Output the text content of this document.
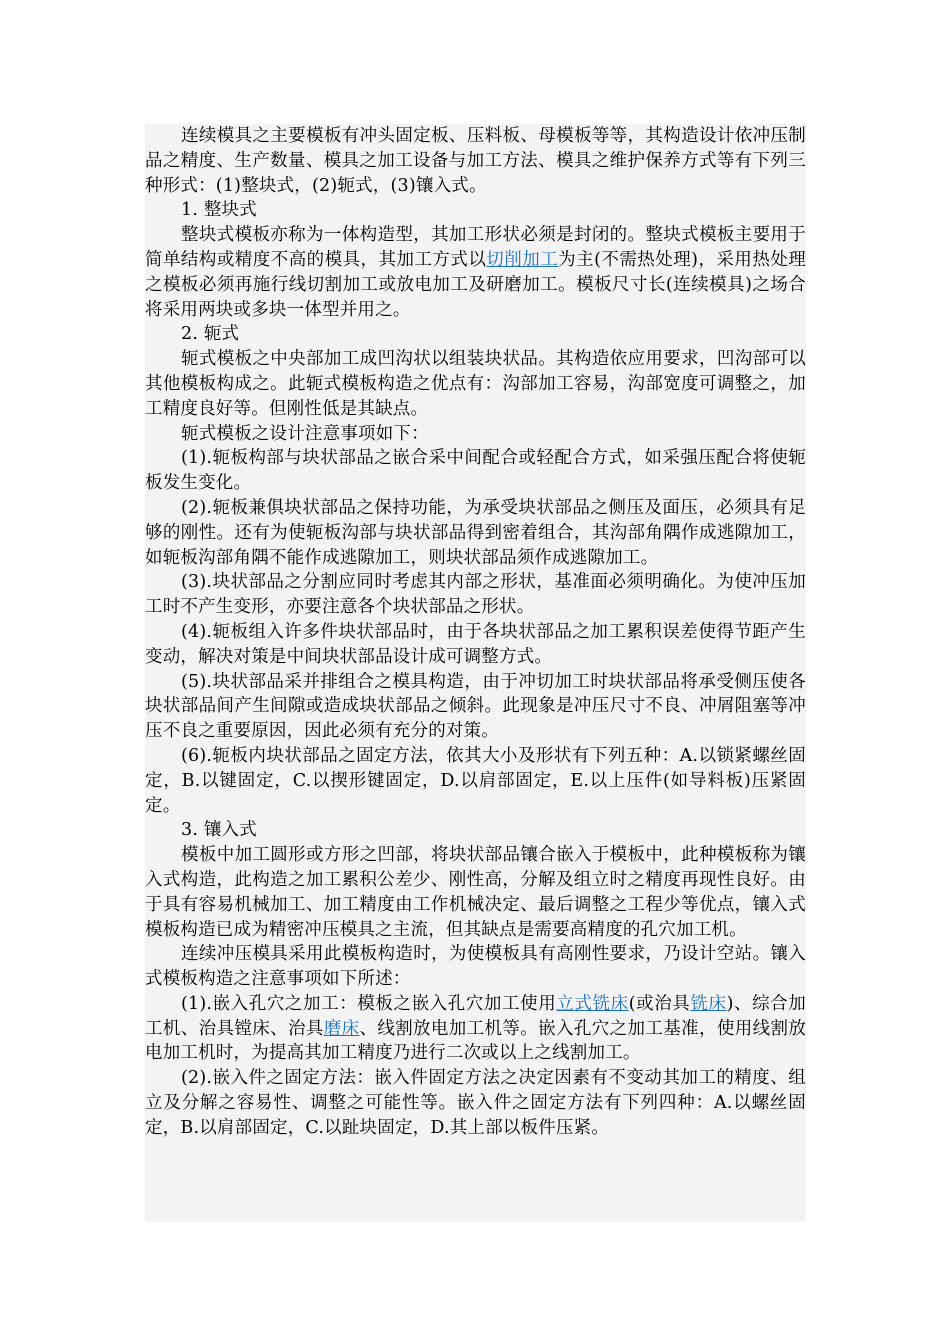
连续模具之主要模板有冲头固定板、压料板、母模板等等，其构造设计依冲压制品之精度、生产数量、模具之加工设备与加工方法、模具之维护保养方式等有下列三种形式：(1)整块式，(2)轭式，(3)镶入式。

1. 整块式

整块式模板亦称为一体构造型，其加工形状必须是封闭的。整块式模板主要用于简单结构或精度不高的模具，其加工方式以切削加工为主(不需热处理)，采用热处理之模板必须再施行线切割加工或放电加工及研磨加工。模板尺寸长(连续模具)之场合将采用两块或多块一体型并用之。

2. 轭式

轭式模板之中央部加工成凹沟状以组装块状品。其构造依应用要求，凹沟部可以其他模板构成之。此轭式模板构造之优点有：沟部加工容易，沟部宽度可调整之，加工精度良好等。但刚性低是其缺点。

轭式模板之设计注意事项如下：

(1).轭板构部与块状部品之嵌合采中间配合或轻配合方式，如采强压配合将使轭板发生变化。

(2).轭板兼俱块状部品之保持功能，为承受块状部品之侧压及面压，必须具有足够的刚性。还有为使轭板沟部与块状部品得到密着组合，其沟部角隅作成逃隙加工，如轭板沟部角隅不能作成逃隙加工，则块状部品须作成逃隙加工。

(3).块状部品之分割应同时考虑其内部之形状，基准面必须明确化。为使冲压加工时不产生变形，亦要注意各个块状部品之形状。

(4).轭板组入许多件块状部品时，由于各块状部品之加工累积误差使得节距产生变动，解决对策是中间块状部品设计成可调整方式。

(5).块状部品采并排组合之模具构造，由于冲切加工时块状部品将承受侧压使各块状部品间产生间隙或造成块状部品之倾斜。此现象是冲压尺寸不良、冲屑阻塞等冲压不良之重要原因，因此必须有充分的对策。

(6).轭板内块状部品之固定方法，依其大小及形状有下列五种：A.以锁紧螺丝固定，B.以键固定，C.以揳形键固定，D.以肩部固定，E.以上压件(如导料板)压紧固定。

3. 镶入式

模板中加工圆形或方形之凹部，将块状部品镶合嵌入于模板中，此种模板称为镶入式构造，此构造之加工累积公差少、刚性高，分解及组立时之精度再现性良好。由于具有容易机械加工、加工精度由工作机械决定、最后调整之工程少等优点，镶入式模板构造已成为精密冲压模具之主流，但其缺点是需要高精度的孔穴加工机。

连续冲压模具采用此模板构造时，为使模板具有高刚性要求，乃设计空站。镶入式模板构造之注意事项如下所述：

(1).嵌入孔穴之加工：模板之嵌入孔穴加工使用立式铣床(或治具铣床)、综合加工机、治具镗床、治具磨床、线割放电加工机等。嵌入孔穴之加工基准，使用线割放电加工机时，为提高其加工精度乃进行二次或以上之线割加工。

(2).嵌入件之固定方法：嵌入件固定方法之决定因素有不变动其加工的精度、组立及分解之容易性、调整之可能性等。嵌入件之固定方法有下列四种：A.以螺丝固定，B.以肩部固定，C.以趾块固定，D.其上部以板件压紧。
